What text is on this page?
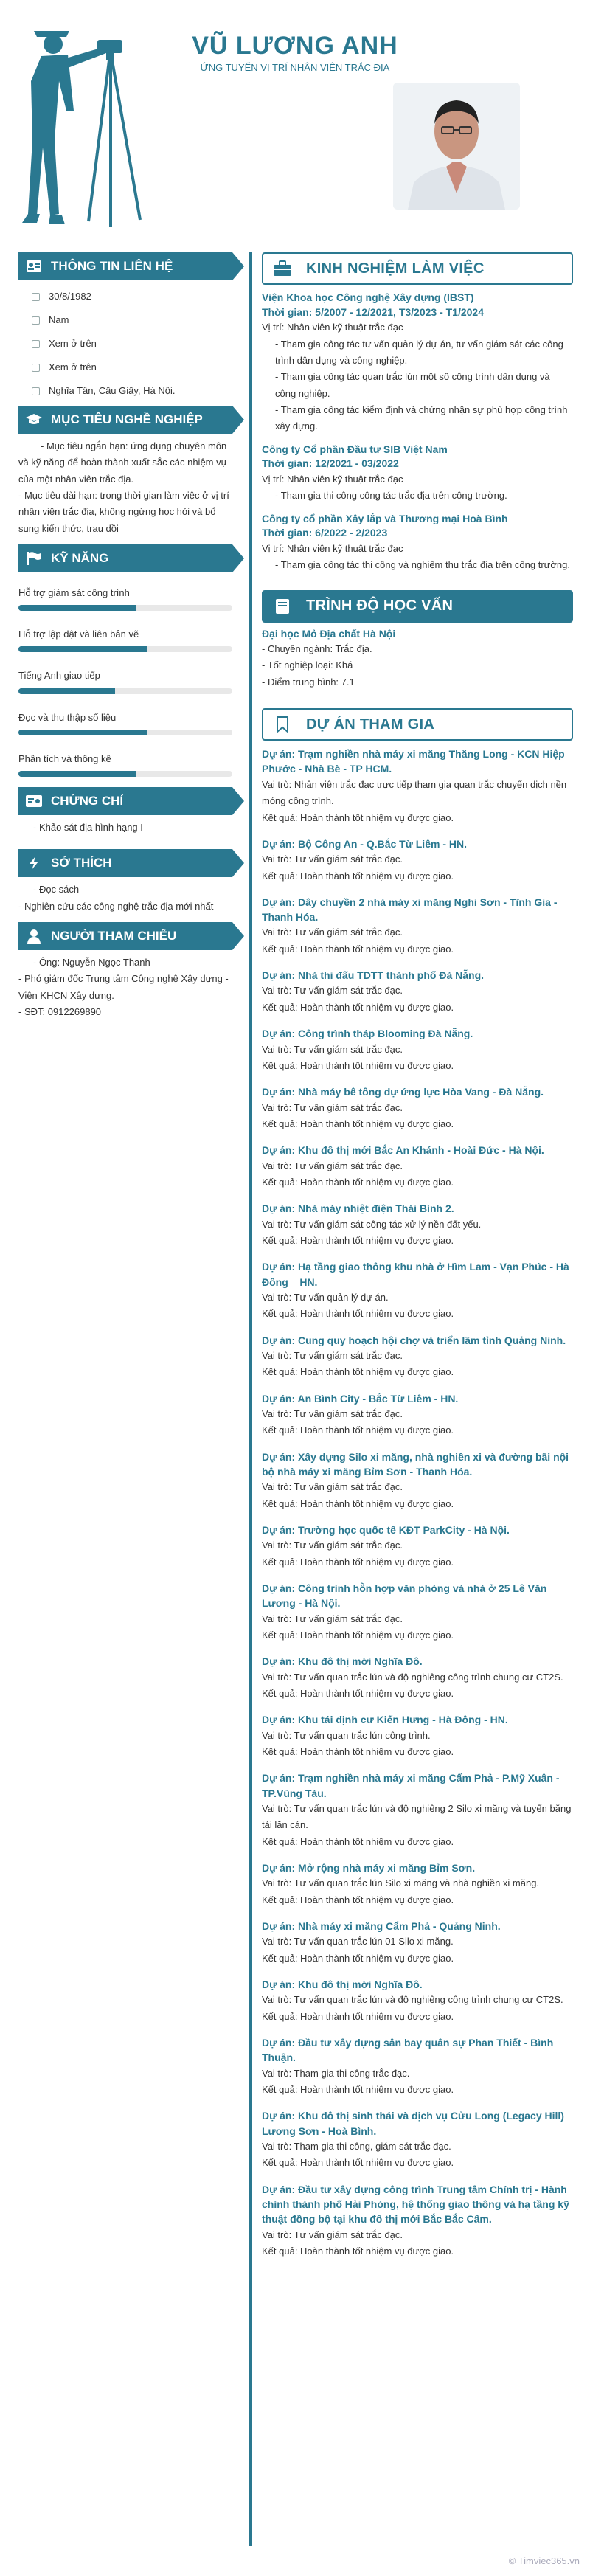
VŨ LƯƠNG ANH
ỨNG TUYỂN VỊ TRÍ NHÂN VIÊN TRẮC ĐỊA
THÔNG TIN LIÊN HỆ
30/8/1982
Nam
Xem ở trên
Xem ở trên
Nghĩa Tân, Cầu Giấy, Hà Nội.
MỤC TIÊU NGHỀ NGHIỆP
- Mục tiêu ngắn hạn: ứng dụng chuyên môn và kỹ năng để hoàn thành xuất sắc các nhiệm vụ của một nhân viên trắc địa.
- Mục tiêu dài hạn: trong thời gian làm việc ở vị trí nhân viên trắc địa, không ngừng học hỏi và bổ sung kiến thức, trau dồi
KỸ NĂNG
Hỗ trợ giám sát công trình
Hỗ trợ lập dật và liên bản vẽ
Tiếng Anh giao tiếp
Đọc và thu thập số liệu
Phân tích và thống kê
CHỨNG CHỈ
- Khảo sát địa hình hạng I
SỞ THÍCH
- Đọc sách
- Nghiên cứu các công nghệ trắc địa mới nhất
NGƯỜI THAM CHIẾU
- Ông: Nguyễn Ngọc Thanh
- Phó giám đốc Trung tâm Công nghệ Xây dựng - Viện KHCN Xây dựng.
- SĐT: 0912269890
KINH NGHIỆM LÀM VIỆC
Viện Khoa học Công nghệ Xây dựng (IBST)
Thời gian: 5/2007 - 12/2021, T3/2023 - T1/2024
Vị trí: Nhân viên kỹ thuật trắc đạc
- Tham gia công tác tư vấn quản lý dự án, tư vấn giám sát các công trình dân dụng và công nghiệp.
- Tham gia công tác quan trắc lún một số công trình dân dụng và công nghiệp.
- Tham gia công tác kiểm định và chứng nhận sự phù hợp công trình xây dựng.
Công ty Cổ phần Đầu tư SIB Việt Nam
Thời gian: 12/2021 - 03/2022
Vị trí: Nhân viên kỹ thuật trắc đạc
- Tham gia thi công công tác trắc địa trên công trường.
Công ty cổ phần Xây lắp và Thương mại Hoà Bình
Thời gian: 6/2022 - 2/2023
Vị trí: Nhân viên kỹ thuật trắc đạc
- Tham gia công tác thi công và nghiệm thu trắc địa trên công trường.
TRÌNH ĐỘ HỌC VẤN
Đại học Mỏ Địa chất Hà Nội
- Chuyên ngành: Trắc địa.
- Tốt nghiệp loại: Khá
- Điểm trung bình: 7.1
DỰ ÁN THAM GIA
Dự án: Trạm nghiền nhà máy xi măng Thăng Long - KCN Hiệp Phước - Nhà Bè - TP HCM.
Vai trò: Nhân viên trắc đạc trực tiếp tham gia quan trắc chuyển dịch nền móng công trình.
Kết quả: Hoàn thành tốt nhiệm vụ được giao.
Dự án: Bộ Công An - Q.Bắc Từ Liêm - HN.
Vai trò: Tư vấn giám sát trắc đạc.
Kết quả: Hoàn thành tốt nhiệm vụ được giao.
Dự án: Dây chuyền 2 nhà máy xi măng Nghi Sơn - Tĩnh Gia - Thanh Hóa.
Vai trò: Tư vấn giám sát trắc đạc.
Kết quả: Hoàn thành tốt nhiệm vụ được giao.
Dự án: Nhà thi đấu TDTT thành phố Đà Nẵng.
Vai trò: Tư vấn giám sát trắc đạc.
Kết quả: Hoàn thành tốt nhiệm vụ được giao.
Dự án: Công trình tháp Blooming Đà Nẵng.
Vai trò: Tư vấn giám sát trắc đạc.
Kết quả: Hoàn thành tốt nhiệm vụ được giao.
Dự án: Nhà máy bê tông dự ứng lực Hòa Vang - Đà Nẵng.
Vai trò: Tư vấn giám sát trắc đạc.
Kết quả: Hoàn thành tốt nhiệm vụ được giao.
Dự án: Khu đô thị mới Bắc An Khánh - Hoài Đức - Hà Nội.
Vai trò: Tư vấn giám sát trắc đạc.
Kết quả: Hoàn thành tốt nhiệm vụ được giao.
Dự án: Nhà máy nhiệt điện Thái Bình 2.
Vai trò: Tư vấn giám sát công tác xử lý nền đất yếu.
Kết quả: Hoàn thành tốt nhiệm vụ được giao.
Dự án: Hạ tầng giao thông khu nhà ở Hìm Lam - Vạn Phúc - Hà Đông _ HN.
Vai trò: Tư vấn quản lý dự án.
Kết quả: Hoàn thành tốt nhiệm vụ được giao.
Dự án: Cung quy hoạch hội chợ và triển lãm tỉnh Quảng Ninh.
Vai trò: Tư vấn giám sát trắc đạc.
Kết quả: Hoàn thành tốt nhiệm vụ được giao.
Dự án: An Bình City - Bắc Từ Liêm - HN.
Vai trò: Tư vấn giám sát trắc đạc.
Kết quả: Hoàn thành tốt nhiệm vụ được giao.
Dự án: Xây dựng Silo xi măng, nhà nghiền xi và đường bãi nội bộ nhà máy xi măng Bỉm Sơn - Thanh Hóa.
Vai trò: Tư vấn giám sát trắc đạc.
Kết quả: Hoàn thành tốt nhiệm vụ được giao.
Dự án: Trường học quốc tế KĐT ParkCity - Hà Nội.
Vai trò: Tư vấn giám sát trắc đạc.
Kết quả: Hoàn thành tốt nhiệm vụ được giao.
Dự án: Công trình hỗn hợp văn phòng và nhà ở 25 Lê Văn Lương - Hà Nội.
Vai trò: Tư vấn giám sát trắc đạc.
Kết quả: Hoàn thành tốt nhiệm vụ được giao.
Dự án: Khu đô thị mới Nghĩa Đô.
Vai trò: Tư vấn quan trắc lún và độ nghiêng công trình chung cư CT2S.
Kết quả: Hoàn thành tốt nhiệm vụ được giao.
Dự án: Khu tái định cư Kiến Hưng - Hà Đông - HN.
Vai trò: Tư vấn quan trắc lún công trình.
Kết quả: Hoàn thành tốt nhiệm vụ được giao.
Dự án: Trạm nghiền nhà máy xi măng Cẩm Phả - P.Mỹ Xuân - TP.Vũng Tàu.
Vai trò: Tư vấn quan trắc lún và độ nghiêng 2 Silo xi măng và tuyến băng tải lăn cán.
Kết quả: Hoàn thành tốt nhiệm vụ được giao.
Dự án: Mở rộng nhà máy xi măng Bỉm Sơn.
Vai trò: Tư vấn quan trắc lún Silo xi măng và nhà nghiền xi măng.
Kết quả: Hoàn thành tốt nhiệm vụ được giao.
Dự án: Nhà máy xi măng Cẩm Phả - Quảng Ninh.
Vai trò: Tư vấn quan trắc lún 01 Silo xi măng.
Kết quả: Hoàn thành tốt nhiệm vụ được giao.
Dự án: Khu đô thị mới Nghĩa Đô.
Vai trò: Tư vấn quan trắc lún và độ nghiêng công trình chung cư CT2S.
Kết quả: Hoàn thành tốt nhiệm vụ được giao.
Dự án: Đầu tư xây dựng sân bay quân sự Phan Thiết - Bình Thuận.
Vai trò: Tham gia thi công trắc đạc.
Kết quả: Hoàn thành tốt nhiệm vụ được giao.
Dự án: Khu đô thị sinh thái và dịch vụ Cửu Long (Legacy Hill) Lương Sơn - Hoà Bình.
Vai trò: Tham gia thi công, giám sát trắc đạc.
Kết quả: Hoàn thành tốt nhiệm vụ được giao.
Dự án: Đầu tư xây dựng công trình Trung tâm Chính trị - Hành chính thành phố Hải Phòng, hệ thống giao thông và hạ tầng kỹ thuật đồng bộ tại khu đô thị mới Bắc Bắc Cấm.
Vai trò: Tư vấn giám sát trắc đạc.
Kết quả: Hoàn thành tốt nhiệm vụ được giao.
© Timviec365.vn
